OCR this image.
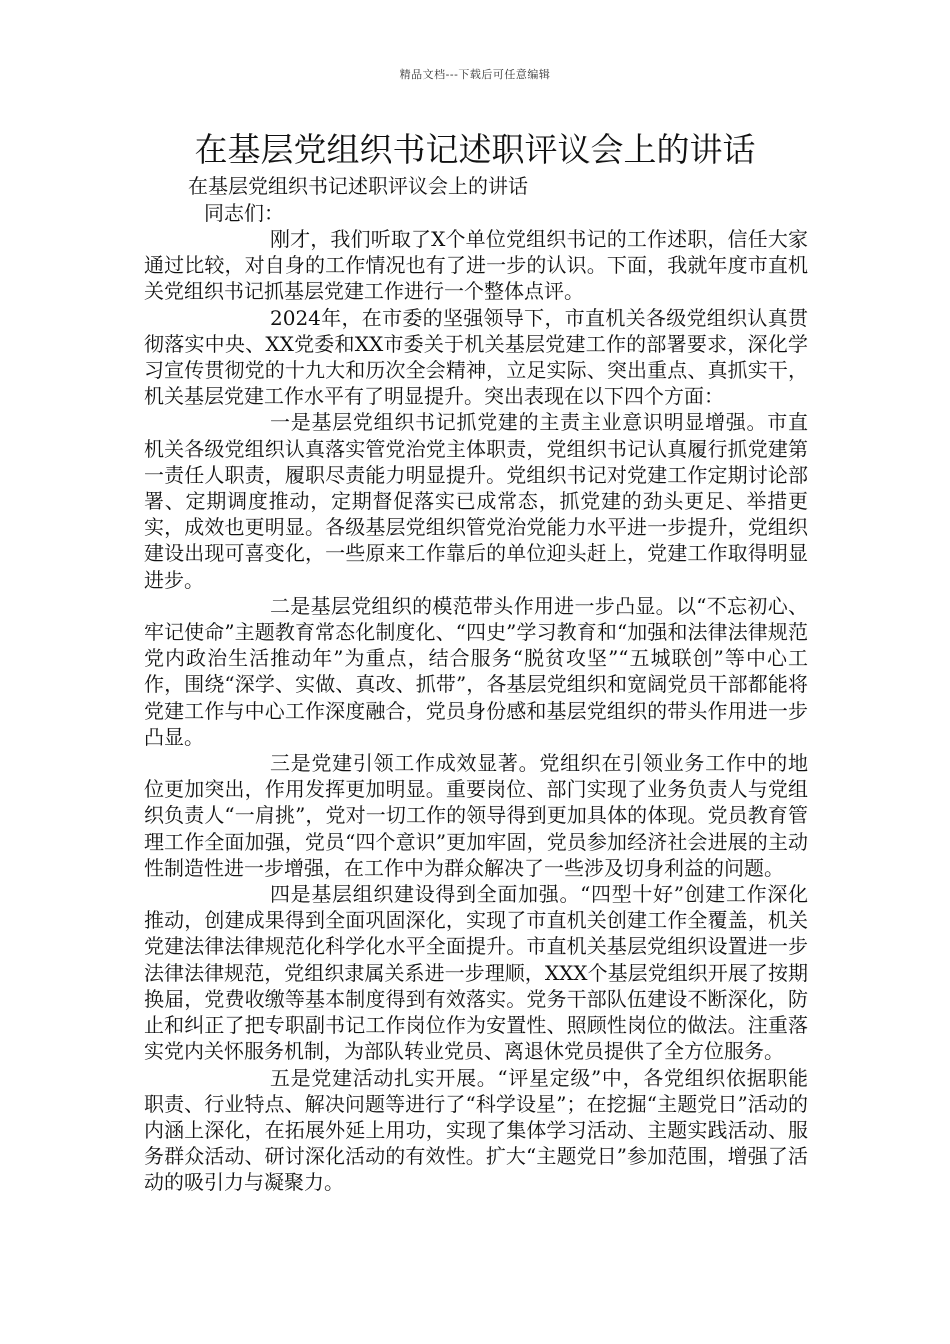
精品文档---下载后可任意编辑
在基层党组织书记述职评议会上的讲话
在基层党组织书记述职评议会上的讲话
同志们：

刚才，我们听取了X个单位党组织书记的工作述职，信任大家通过比较，对自身的工作情况也有了进一步的认识。下面，我就年度市直机关党组织书记抓基层党建工作进行一个整体点评。

2024年，在市委的坚强领导下，市直机关各级党组织认真贯彻落实中央、XX党委和XX市委关于机关基层党建工作的部署要求，深化学习宣传贯彻党的十九大和历次全会精神，立足实际、突出重点、真抓实干，机关基层党建工作水平有了明显提升。突出表现在以下四个方面：

一是基层党组织书记抓党建的主责主业意识明显增强。市直机关各级党组织认真落实管党治党主体职责，党组织书记认真履行抓党建第一责任人职责，履职尽责能力明显提升。党组织书记对党建工作定期讨论部署、定期调度推动，定期督促落实已成常态，抓党建的劲头更足、举措更实，成效也更明显。各级基层党组织管党治党能力水平进一步提升，党组织建设出现可喜变化，一些原来工作靠后的单位迎头赶上，党建工作取得明显进步。

二是基层党组织的模范带头作用进一步凸显。以“不忘初心、牢记使命”主题教育常态化制度化、“四史”学习教育和“加强和法律法律规范党内政治生活推动年”为重点，结合服务“脱贫攻坚”“五城联创”等中心工作，围绕“深学、实做、真改、抓带”，各基层党组织和宽阔党员干部都能将党建工作与中心工作深度融合，党员身份感和基层党组织的带头作用进一步凸显。

三是党建引领工作成效显著。党组织在引领业务工作中的地位更加突出，作用发挥更加明显。重要岗位、部门实现了业务负责人与党组织负责人“一肩挑”，党对一切工作的领导得到更加具体的体现。党员教育管理工作全面加强，党员“四个意识”更加牢固，党员参加经济社会进展的主动性制造性进一步增强，在工作中为群众解决了一些涉及切身利益的问题。

四是基层组织建设得到全面加强。“四型十好”创建工作深化推动，创建成果得到全面巩固深化，实现了市直机关创建工作全覆盖，机关党建法律法律规范化科学化水平全面提升。市直机关基层党组织设置进一步法律法律规范，党组织隶属关系进一步理顺，XXX个基层党组织开展了按期换届，党费收缴等基本制度得到有效落实。党务干部队伍建设不断深化，防止和纠正了把专职副书记工作岗位作为安置性、照顾性岗位的做法。注重落实党内关怀服务机制，为部队转业党员、离退休党员提供了全方位服务。

五是党建活动扎实开展。“评星定级”中，各党组织依据职能职责、行业特点、解决问题等进行了“科学设星”；在挖掘“主题党日”活动的内涵上深化，在拓展外延上用功，实现了集体学习活动、主题实践活动、服务群众活动、研讨深化活动的有效性。扩大“主题党日”参加范围，增强了活动的吸引力与凝聚力。
